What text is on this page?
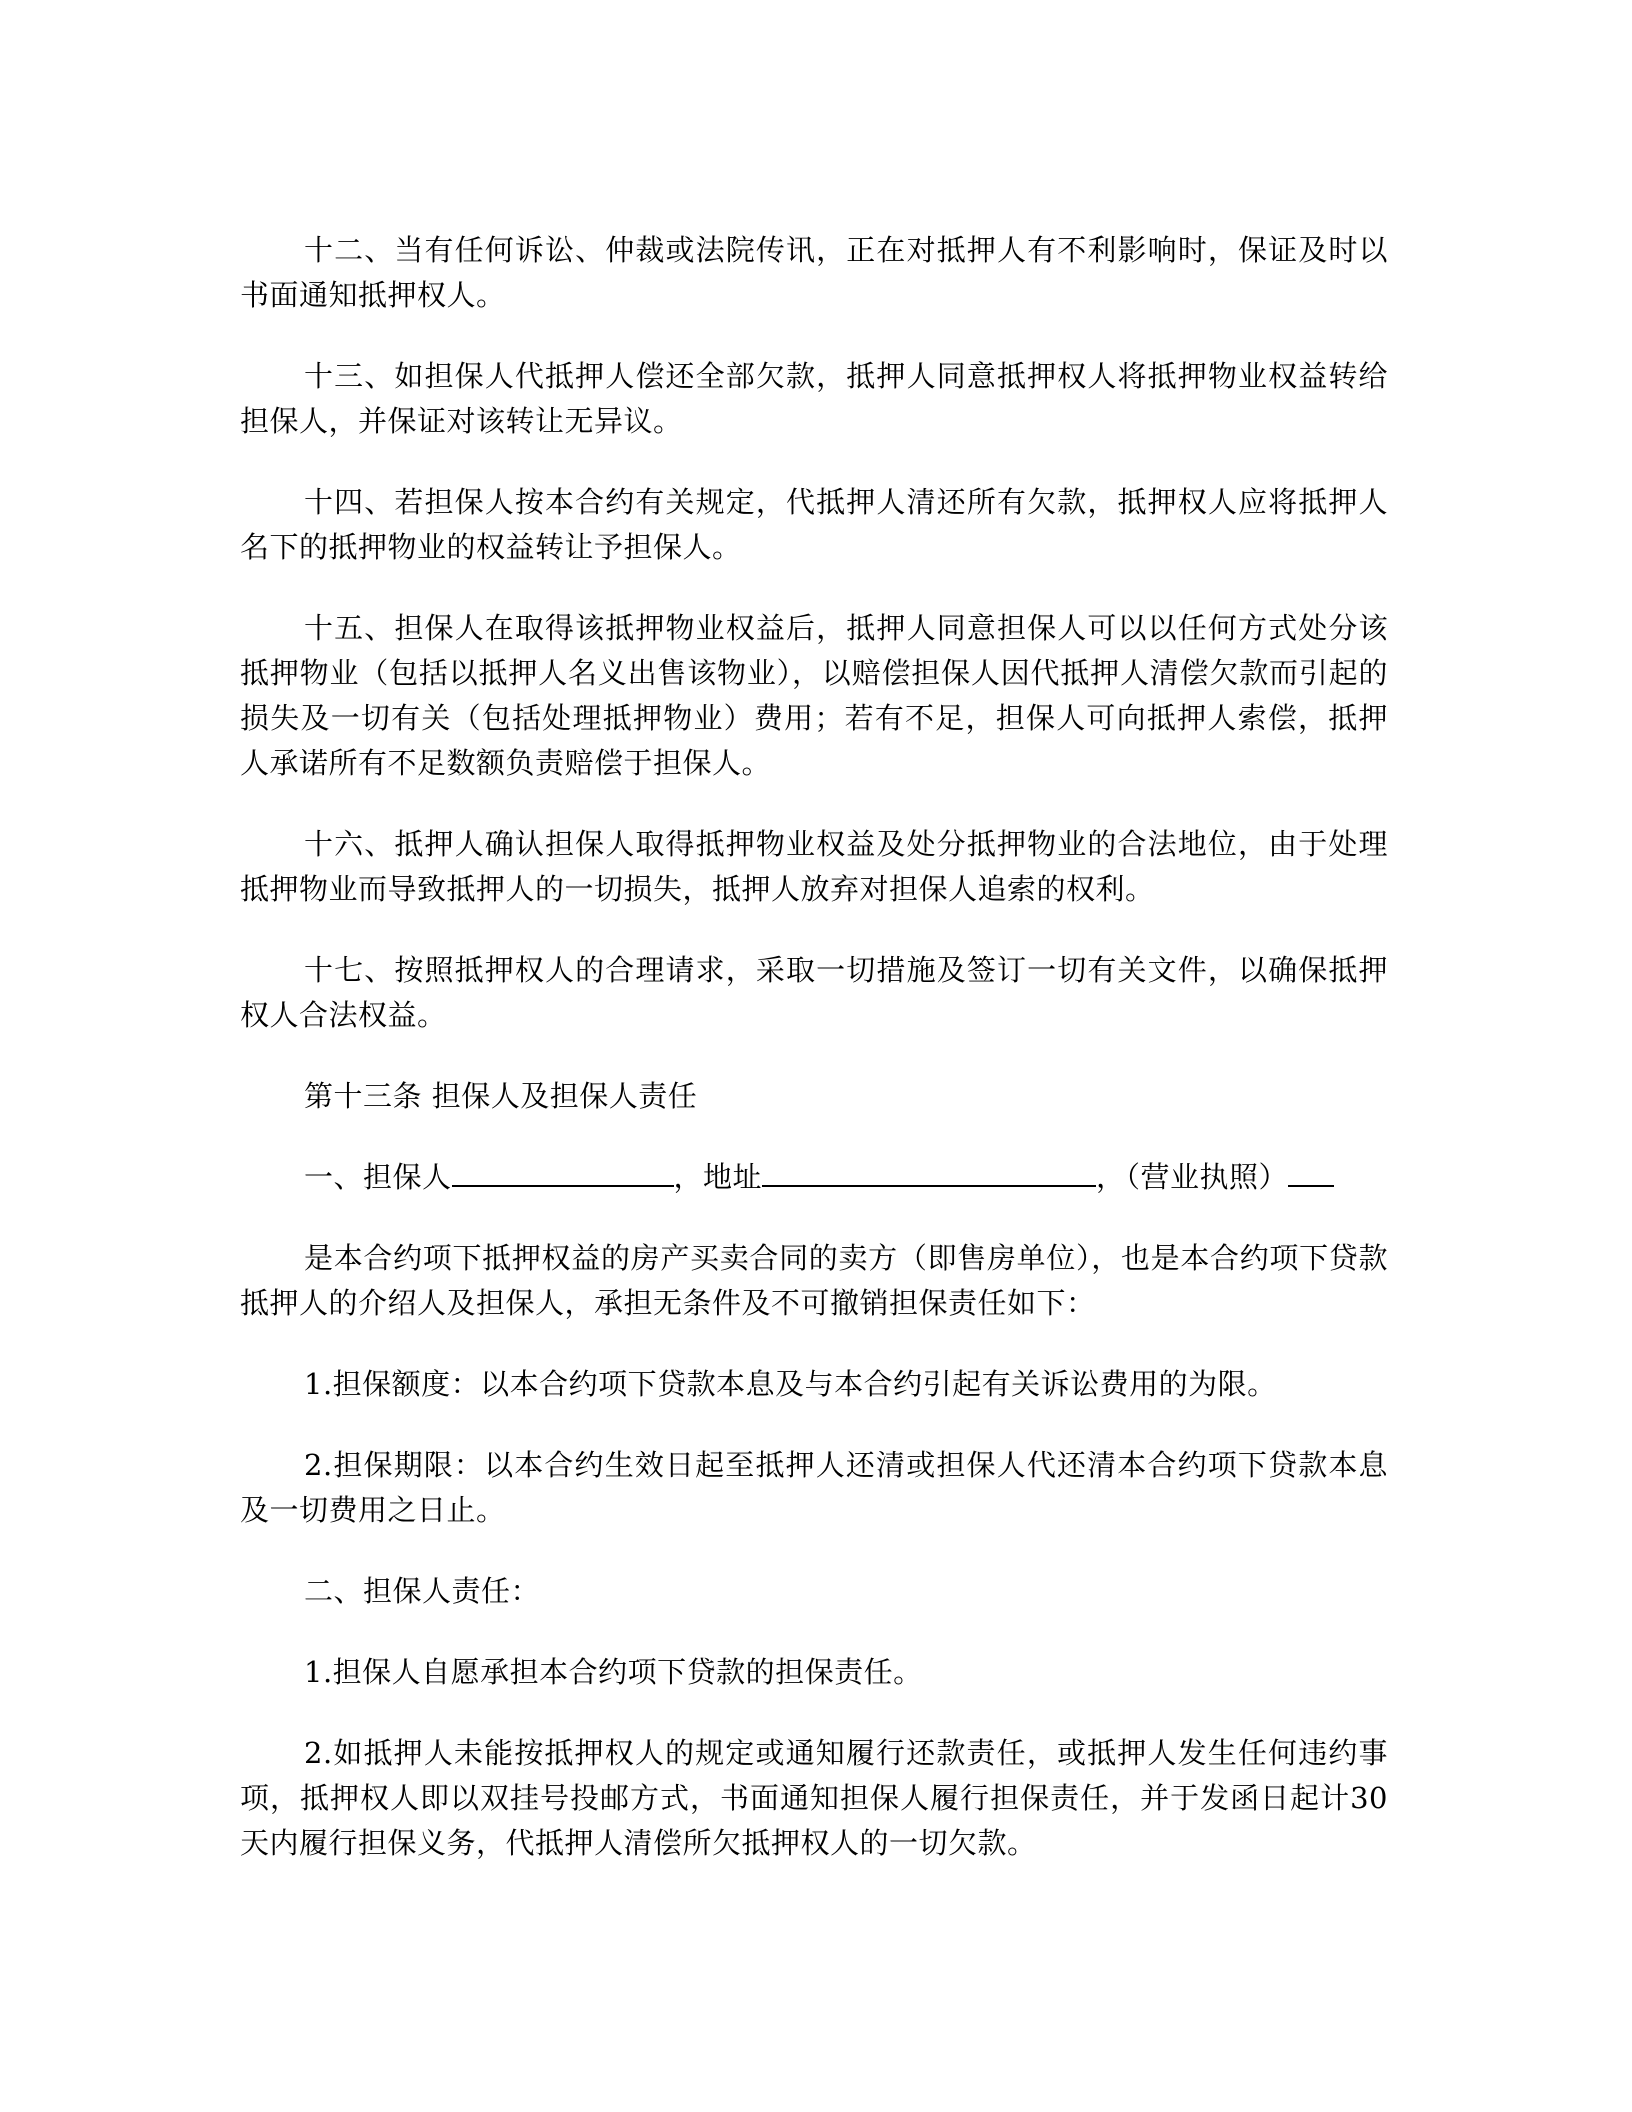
十二、当有任何诉讼、仲裁或法院传讯，正在对抵押人有不利影响时，保证及时以书面通知抵押权人。

十三、如担保人代抵押人偿还全部欠款，抵押人同意抵押权人将抵押物业权益转给担保人，并保证对该转让无异议。

十四、若担保人按本合约有关规定，代抵押人清还所有欠款，抵押权人应将抵押人名下的抵押物业的权益转让予担保人。

十五、担保人在取得该抵押物业权益后，抵押人同意担保人可以以任何方式处分该抵押物业（包括以抵押人名义出售该物业），以赔偿担保人因代抵押人清偿欠款而引起的损失及一切有关（包括处理抵押物业）费用；若有不足，担保人可向抵押人索偿，抵押人承诺所有不足数额负责赔偿于担保人。

十六、抵押人确认担保人取得抵押物业权益及处分抵押物业的合法地位，由于处理抵押物业而导致抵押人的一切损失，抵押人放弃对担保人追索的权利。

十七、按照抵押权人的合理请求，采取一切措施及签订一切有关文件，以确保抵押权人合法权益。

第十三条 担保人及担保人责任

一、担保人	，地址	，（营业执照）

是本合约项下抵押权益的房产买卖合同的卖方（即售房单位），也是本合约项下贷款抵押人的介绍人及担保人，承担无条件及不可撤销担保责任如下：

1.担保额度：以本合约项下贷款本息及与本合约引起有关诉讼费用的为限。

2.担保期限：以本合约生效日起至抵押人还清或担保人代还清本合约项下贷款本息及一切费用之日止。

二、担保人责任：

1.担保人自愿承担本合约项下贷款的担保责任。

2.如抵押人未能按抵押权人的规定或通知履行还款责任，或抵押人发生任何违约事项，抵押权人即以双挂号投邮方式，书面通知担保人履行担保责任，并于发函日起计30天内履行担保义务，代抵押人清偿所欠抵押权人的一切欠款。
